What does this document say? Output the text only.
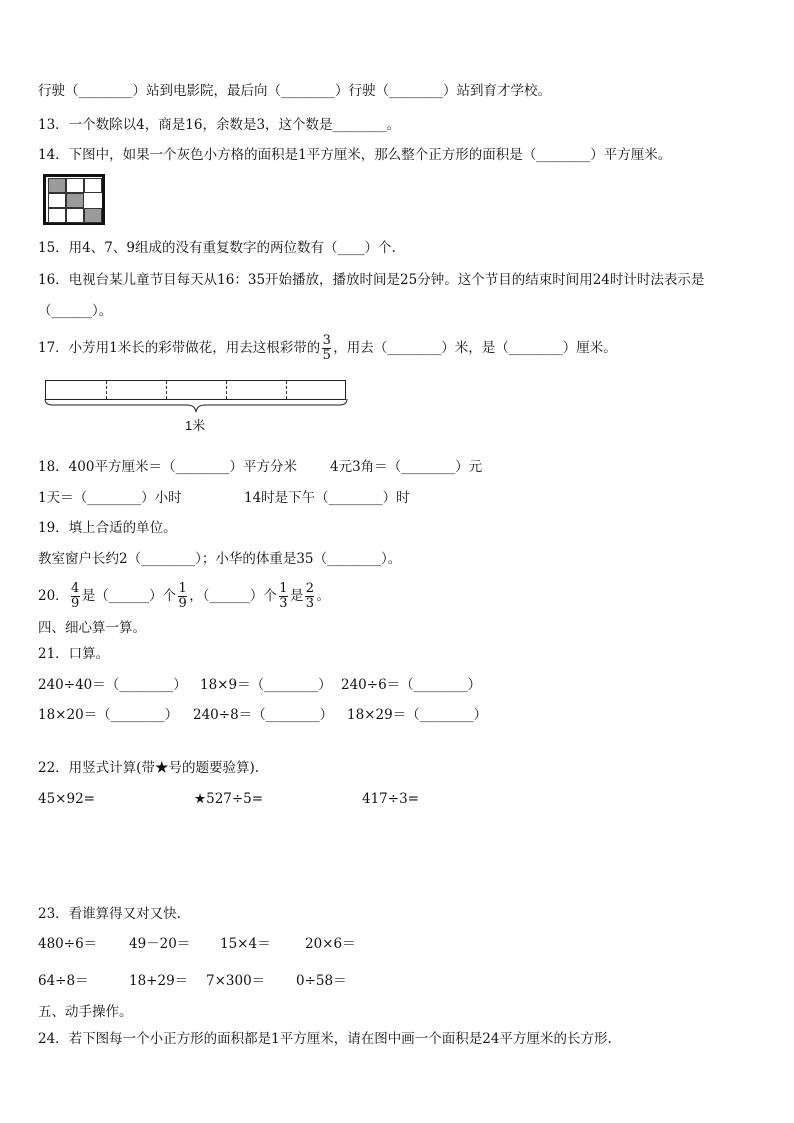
行驶（________）站到电影院，最后向（________）行驶（________）站到育才学校。
13．一个数除以4，商是16，余数是3，这个数是________。
14．下图中，如果一个灰色小方格的面积是1平方厘米，那么整个正方形的面积是（________）平方厘米。
15．用4、7、9组成的没有重复数字的两位数有（____）个.
16．电视台某儿童节目每天从16：35开始播放，播放时间是25分钟。这个节目的结束时间用24时计时法表示是
（______）。
17．小芳用1米长的彩带做花，用去这根彩带的 $\frac{3}{5}$ ，用去（________）米，是（________）厘米。
1米
18．400平方厘米＝（________）平方分米 4元3角＝（________）元
1天＝（________）小时	14时是下午（________）时
19．填上合适的单位。
教室窗户长约2（________）；小华的体重是35（________）。
20． $\frac{4}{9}$ 是（______）个 $\frac{1}{9}$ ，（______）个 $\frac{1}{3}$ 是 $\frac{2}{3}$ 。
四、细心算一算。
21．口算。
240÷40＝（________） 18×9＝（________） 240÷6＝（________）
18×20＝（________） 240÷8＝（________） 18×29＝（________）
22．用竖式计算(带★号的题要验算).
45×92=	★527÷5=	417÷3=
23．看谁算得又对又快.
480÷6＝ 49－20＝ 15×4＝	20×6＝
64÷8＝	18+29＝ 7×300＝ 0÷58＝
五、动手操作。
24．若下图每一个小正方形的面积都是1平方厘米，请在图中画一个面积是24平方厘米的长方形.
